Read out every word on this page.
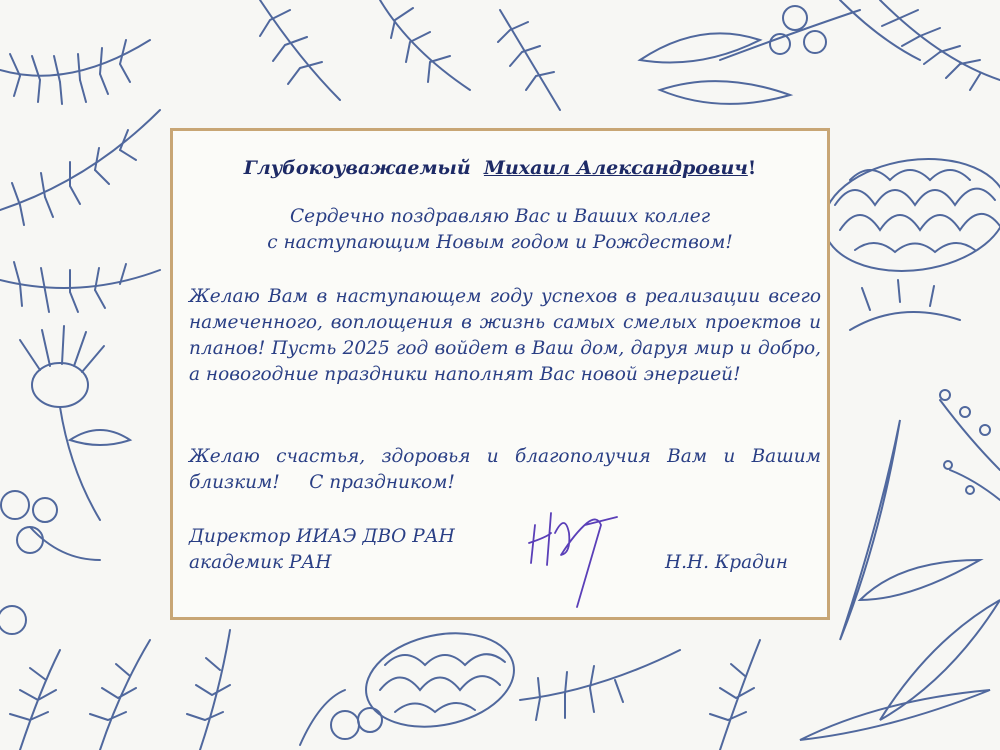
Глубокоуважаемый Михаил Александрович!
Сердечно поздравляю Вас и Ваших коллег
с наступающим Новым годом и Рождеством!

Желаю Вам в наступающем году успехов в реализации всего намеченного, воплощения в жизнь самых смелых проектов и планов! Пусть 2025 год войдет в Ваш дом, даруя мир и добро, а новогодние праздники наполнят Вас новой энергией!

Желаю счастья, здоровья и благополучия Вам и Вашим близким! С праздником!

Директор ИИАЭ ДВО РАН
академик РАН	Н.Н. Крадин
